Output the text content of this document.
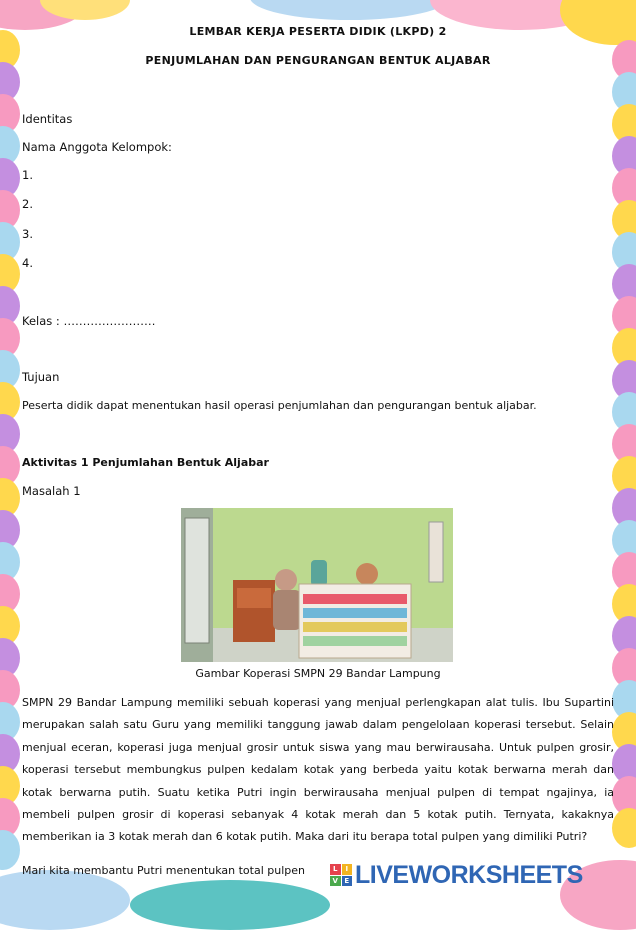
LEMBAR KERJA PESERTA DIDIK (LKPD) 2
PENJUMLAHAN DAN PENGURANGAN BENTUK ALJABAR
Identitas
Nama Anggota Kelompok:
1.
2.
3.
4.
Kelas : ……………………
Tujuan
Peserta didik dapat menentukan hasil operasi penjumlahan dan pengurangan bentuk aljabar.
Aktivitas 1 Penjumlahan Bentuk Aljabar
Masalah 1
Gambar Koperasi SMPN 29 Bandar Lampung
SMPN 29 Bandar Lampung memiliki sebuah koperasi yang menjual perlengkapan alat tulis. Ibu Supartini merupakan salah satu Guru yang memiliki tanggung jawab dalam pengelolaan koperasi tersebut. Selain menjual eceran, koperasi juga menjual grosir untuk siswa yang mau berwirausaha. Untuk pulpen grosir, koperasi tersebut membungkus pulpen kedalam kotak yang berbeda yaitu kotak berwarna merah dan kotak berwarna putih. Suatu ketika Putri ingin berwirausaha menjual pulpen di tempat ngajinya, ia membeli pulpen grosir di koperasi sebanyak 4 kotak merah dan 5 kotak putih. Ternyata, kakaknya memberikan ia 3 kotak merah dan 6 kotak putih. Maka dari itu berapa total pulpen yang dimiliki Putri?
Mari kita membantu Putri menentukan total pulpen	L	I
V E LIVEWORKSHEETS
